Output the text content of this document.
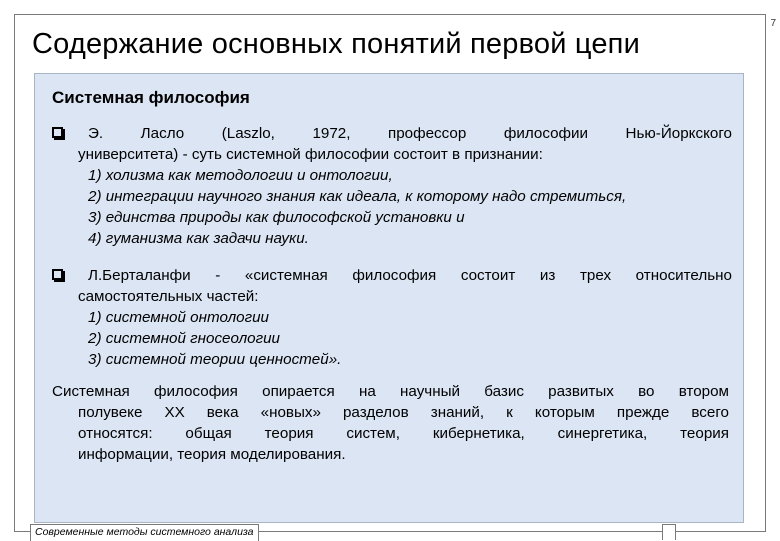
7
Содержание основных понятий первой цепи
Системная философия
Э. Ласло (Laszlo, 1972, профессор философии Нью-Йоркского
университета) - суть системной философии состоит в признании:
1) холизма как методологии и онтологии,
2) интеграции научного знания как идеала, к которому надо стремиться,
3) единства природы как философской установки и
4) гуманизма как задачи науки.
Л.Берталанфи - «системная философия состоит из трех относительно
самостоятельных частей:
1) системной онтологии
2) системной гносеологии
3) системной теории ценностей».
Системная философия опирается на научный базис развитых во втором
полувеке XX века «новых» разделов знаний, к которым прежде всего
относятся: общая теория систем, кибернетика, синергетика, теория
информации, теория моделирования.
Современные методы системного анализа
